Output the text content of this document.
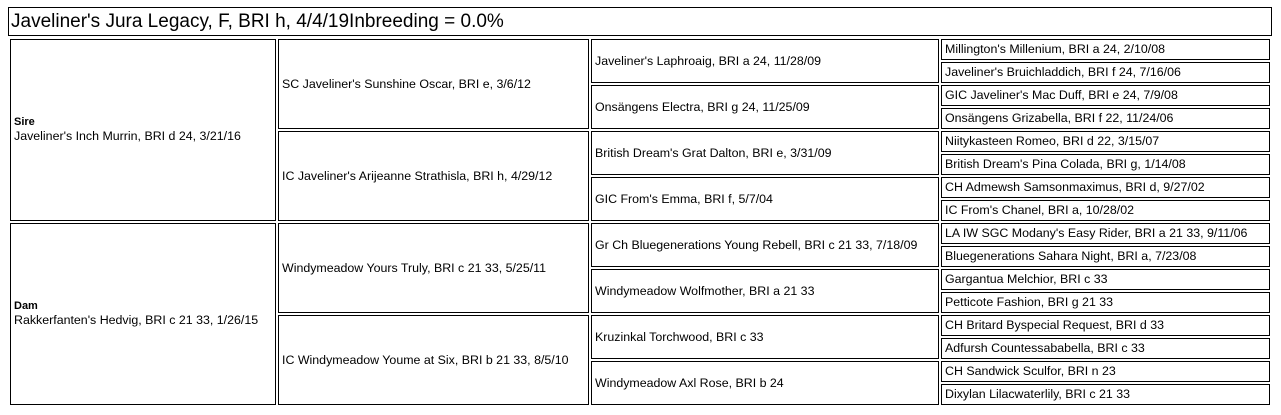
Javeliner's Jura Legacy, F, BRI h, 4/4/19Inbreeding = 0.0%
Sire
Javeliner's Inch Murrin, BRI d 24, 3/21/16
Dam
Rakkerfanten's Hedvig, BRI c 21 33, 1/26/15
SC Javeliner's Sunshine Oscar, BRI e, 3/6/12
IC Javeliner's Arijeanne Strathisla, BRI h, 4/29/12
Windymeadow Yours Truly, BRI c 21 33, 5/25/11
IC Windymeadow Youme at Six, BRI b 21 33, 8/5/10
Javeliner's Laphroaig, BRI a 24, 11/28/09
Onsängens Electra, BRI g 24, 11/25/09
British Dream's Grat Dalton, BRI e, 3/31/09
GIC From's Emma, BRI f, 5/7/04
Gr Ch Bluegenerations Young Rebell, BRI c 21 33, 7/18/09
Windymeadow Wolfmother, BRI a 21 33
Kruzinkal Torchwood, BRI c 33
Windymeadow Axl Rose, BRI b 24
Millington's Millenium, BRI a 24, 2/10/08
Javeliner's Bruichladdich, BRI f 24, 7/16/06
GIC Javeliner's Mac Duff, BRI e 24, 7/9/08
Onsängens Grizabella, BRI f 22, 11/24/06
Niitykasteen Romeo, BRI d 22, 3/15/07
British Dream's Pina Colada, BRI g, 1/14/08
CH Admewsh Samsonmaximus, BRI d, 9/27/02
IC From's Chanel, BRI a, 10/28/02
LA IW SGC Modany's Easy Rider, BRI a 21 33, 9/11/06
Bluegenerations Sahara Night, BRI a, 7/23/08
Gargantua Melchior, BRI c 33
Petticote Fashion, BRI g 21 33
CH Britard Byspecial Request, BRI d 33
Adfursh Countessababella, BRI c 33
CH Sandwick Sculfor, BRI n 23
Dixylan Lilacwaterlily, BRI c 21 33
